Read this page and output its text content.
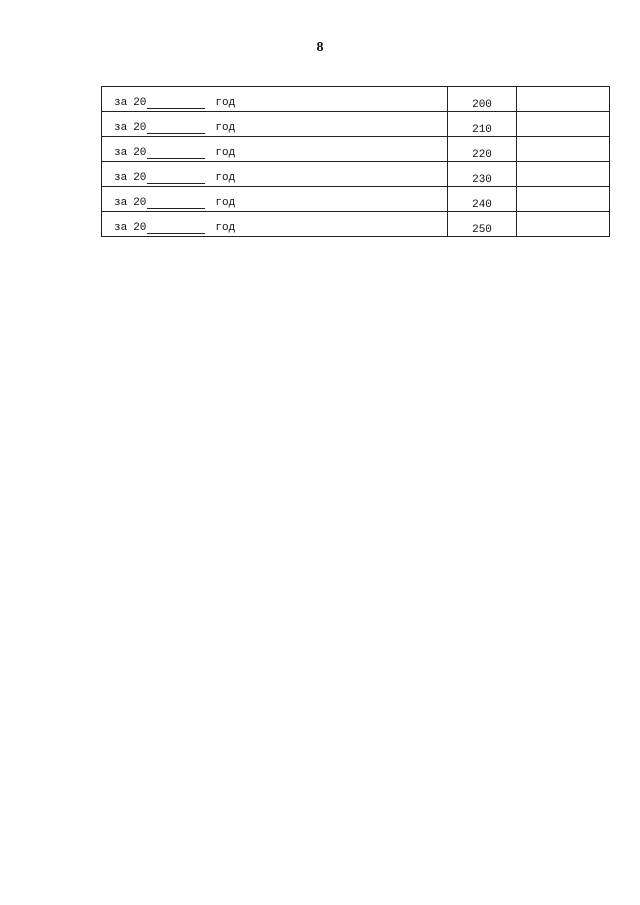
8
за 20 год	200	

за 20 год	210	

за 20 год	220	

за 20 год	230	

за 20 год	240	

за 20 год	250	
